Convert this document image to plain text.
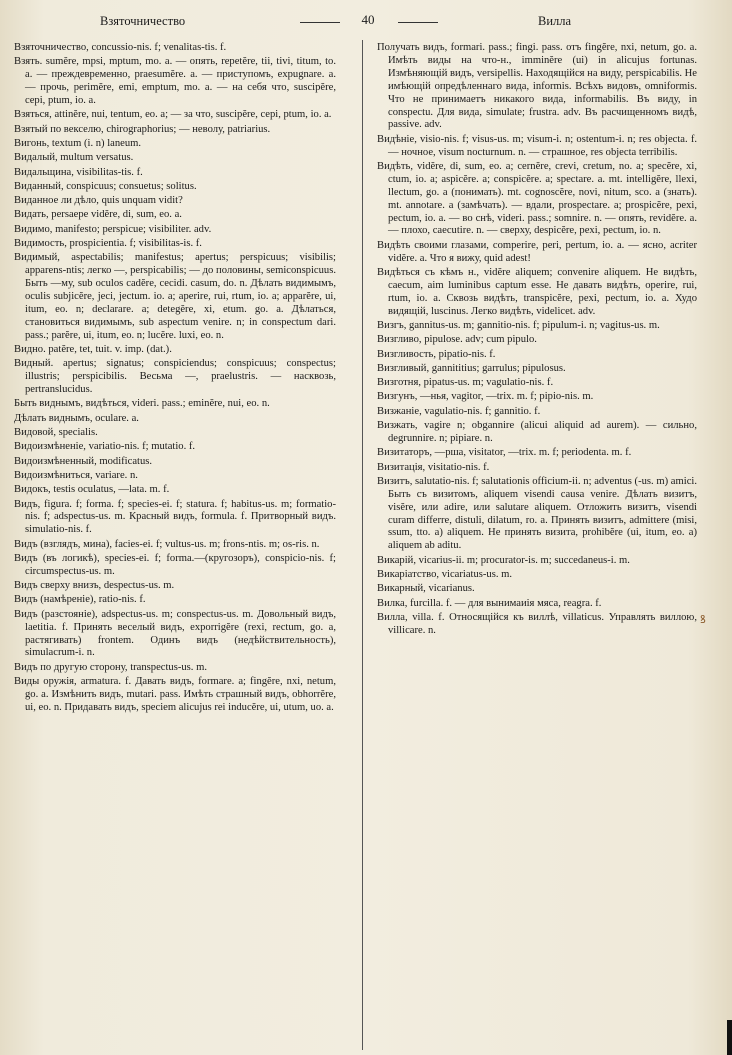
Взяточничество	40	Вилла

Взяточничество, concussio-nis. f; venalitas-tis. f.

Взять. sumĕre, mpsi, mptum, mo. a. — опять, repetĕre, tii, tivi, titum, to. a. — преждевременно, praesumĕre. a. — приступомъ, expugnare. a. — прочь, perimĕre, emi, emptum, mo. a. — на себя что, suscipĕre, cepi, ptum, io. a.

Взяться, attinĕre, nui, tentum, eo. a; — за что, suscipĕre, cepi, ptum, io. a.

Взятый по векселю, chirographorius; — неволу, patriarius.

Вигонь, textum (i. n) laneum.

Видалый, multum versatus.

Видальщина, visibilitas-tis. f.

Виданный, conspicuus; consuetus; solitus.

Виданное ли дѣло, quis unquam vidit?

Видать, persaepe vidĕre, di, sum, eo. a.

Видимо, manifesto; perspicue; visibiliter. adv.

Видимость, prospicientia. f; visibilitas-is. f.

Видимый, aspectabilis; manifestus; apertus; perspicuus; visibilis; apparens-ntis; легко —, perspicabilis; — до половины, semiconspicuus. Быть —му, sub oculos cadĕre, cecidi. casum, do. n. Дѣлать видимымъ, oculis subjicĕre, jeci, jectum. io. a; aperire, rui, rtum, io. a; apparĕre, ui, itum, eo. n; declarare. a; detegĕre, xi, etum. go. a. Дѣлаться, становиться видимымъ, sub aspectum venire. n; in conspectum dari. pass.; parĕre, ui, itum, eo. n; lucĕre. luxi, eo. n.

Видно. patĕre, tet, tuit. v. imp. (dat.).

Видный. apertus; signatus; conspiciendus; conspicuus; conspectus; illustris; perspicibilis. Весьма —, praelustris. — насквозь, pertranslucidus.

Быть виднымъ, видѣться, videri. pass.; eminĕre, nui, eo. n.

Дѣлать виднымъ, oculare. a.

Видовой, specialis.

Видоизмѣненіе, variatio-nis. f; mutatio. f.

Видоизмѣненный, modificatus.

Видоизмѣниться, variare. n.

Видокъ, testis oculatus, —lata. m. f.

Видъ, figura. f; forma. f; species-ei. f; statura. f; habitus-us. m; formatio-nis. f; adspectus-us. m. Красный видъ, formula. f. Притворный видъ. simulatio-nis. f.

Видъ (взглядъ, мина), facies-ei. f; vultus-us. m; frons-ntis. m; os-ris. n.

Видъ (въ логикѣ), species-ei. f; forma.—(кругозоръ), conspicio-nis. f; circumspectus-us. m.

Видъ сверху внизъ, despectus-us. m.

Видъ (намѣреніе), ratio-nis. f.

Видъ (разстояніе), adspectus-us. m; conspectus-us. m. Довольный видъ, laetitia. f. Принять веселый видъ, exporrigĕre (rexi, rectum, go. a, растягивать) frontem. Одинъ видъ (недѣйствительность), simulacrum-i. n.

Видъ по другую сторону, transpectus-us. m.

Виды оружія, armatura. f. Давать видъ, formare. a; fingĕre, nxi, netum, go. a. Измѣнить видъ, mutari. pass. Имѣть страшный видъ, obhorrĕre, ui, eo. n. Придавать видъ, speciem alicujus rei inducĕre, ui, utum, uo. a.

Получать видъ, formari. pass.; fingi. pass. отъ fingĕre, nxi, netum, go. a. Имѣть виды на что-н., imminĕre (ui) in alicujus fortunas. Измѣняющій видъ, versipellis. Находящійся на виду, perspicabilis. Не имѣющій опредѣленнаго вида, informis. Всѣхъ видовъ, omniformis. Что не принимаетъ никакого вида, informabilis. Въ виду, in conspectu. Для вида, simulate; frustra. adv. Въ расчищенномъ видѣ, passive. adv.

Видѣніе, visio-nis. f; visus-us. m; visum-i. n; ostentum-i. n; res objecta. f. — ночное, visum nocturnum. n. — страшное, res objecta terribilis.

Видѣть, vidĕre, di, sum, eo. a; cernĕre, crevi, cretum, no. a; specĕre, xi, ctum, io. a; aspicĕre. a; conspicĕre. a; spectare. a. mt. intelligĕre, llexi, llectum, go. a (понимать). mt. cognoscĕre, novi, nitum, sco. a (знать). mt. annotare. a (замѣчать). — вдали, prospectare. a; prospicĕre, pexi, pectum, io. a. — во снѣ, videri. pass.; somnire. n. — опять, revidĕre. a. — плохо, caecutire. n. — сверху, despicĕre, pexi, pectum, io. n.

Видѣть своими глазами, comperire, peri, pertum, io. a. — ясно, acriter vidĕre. a. Что я вижу, quid adest!

Видѣться съ кѣмъ н., vidĕre aliquem; convenire aliquem. Не видѣть, caecum, aim luminibus captum esse. Не давать видѣть, operire, rui, rtum, io. a. Сквозь видѣть, transpicĕre, pexi, pectum, io. a. Худо видящій, luscinus. Легко видѣть, videlicet. adv.

Визгъ, gannitus-us. m; gannitio-nis. f; pipulum-i. n; vagitus-us. m.

Визгливо, pipulose. adv; cum pipulo.

Визгливость, pipatio-nis. f.

Визгливый, gannititius; garrulus; pipulosus.

Визготня, pipatus-us. m; vagulatio-nis. f.

Визгунъ, —нья, vagitor, —trix. m. f; pipio-nis. m.

Визжаніе, vagulatio-nis. f; gannitio. f.

Визжать, vagire n; obgannire (alicui aliquid ad aurem). — сильно, degrunnire. n; pipiare. n.

Визитаторъ, —рша, visitator, —trix. m. f; periodenta. m. f.

Визитація, visitatio-nis. f.

Визитъ, salutatio-nis. f; salutationis officium-ii. n; adventus (-us. m) amici. Быть съ визитомъ, aliquem visendi causa venire. Дѣлать визитъ, visĕre, или adire, или salutare aliquem. Отложить визитъ, visendi curam differre, distuli, dilatum, ro. a. Принять визитъ, admittere (misi, ssum, tto. a) aliquem. Не принять визита, prohibĕre (ui, itum, eo. a) aliquem ab aditu.

Викарій, vicarius-ii. m; procurator-is. m; succedaneus-i. m.

Викаріатство, vicariatus-us. m.

Викарный, vicarianus.

Вилка, furcilla. f. — для вынимаиія мяса, reagra. f.

Вилла, villa. f. Относящійся къ виллѣ, villaticus. Управлять виллою, villicare. n.

ꝸ
